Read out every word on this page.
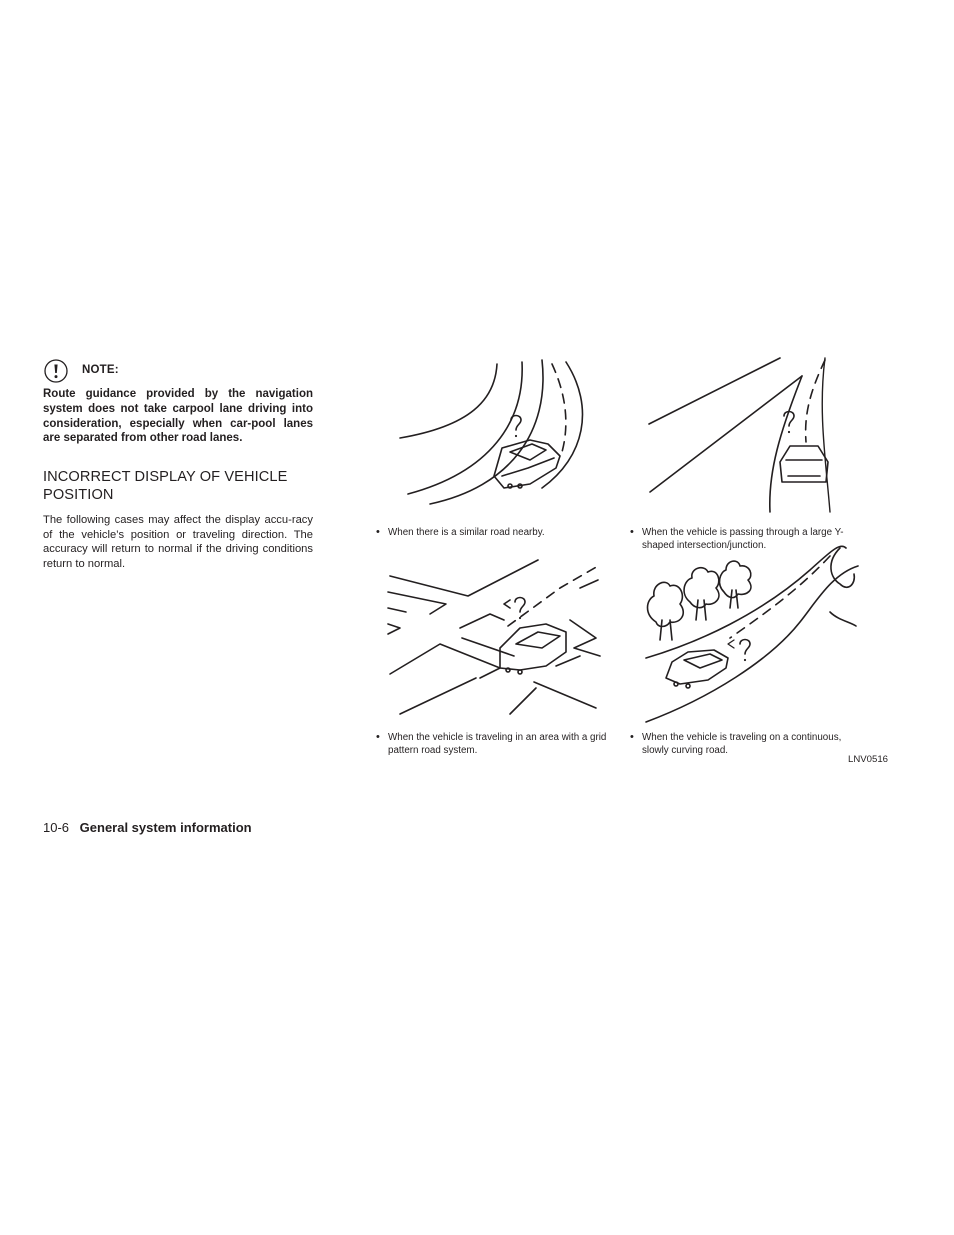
NOTE:
Route guidance provided by the navigation system does not take carpool lane driving into consideration, especially when car-pool lanes are separated from other road lanes.
INCORRECT DISPLAY OF VEHICLE POSITION
The following cases may affect the display accu-racy of the vehicle’s position or traveling direction. The accuracy will return to normal if the driving conditions return to normal.
• When there is a similar road nearby.	• When the vehicle is passing through a large Y-shaped intersection/junction.
• When the vehicle is traveling in an area with a grid pattern road system.
• When the vehicle is traveling on a continuous, slowly curving road.
LNV0516
10-6 General system information
